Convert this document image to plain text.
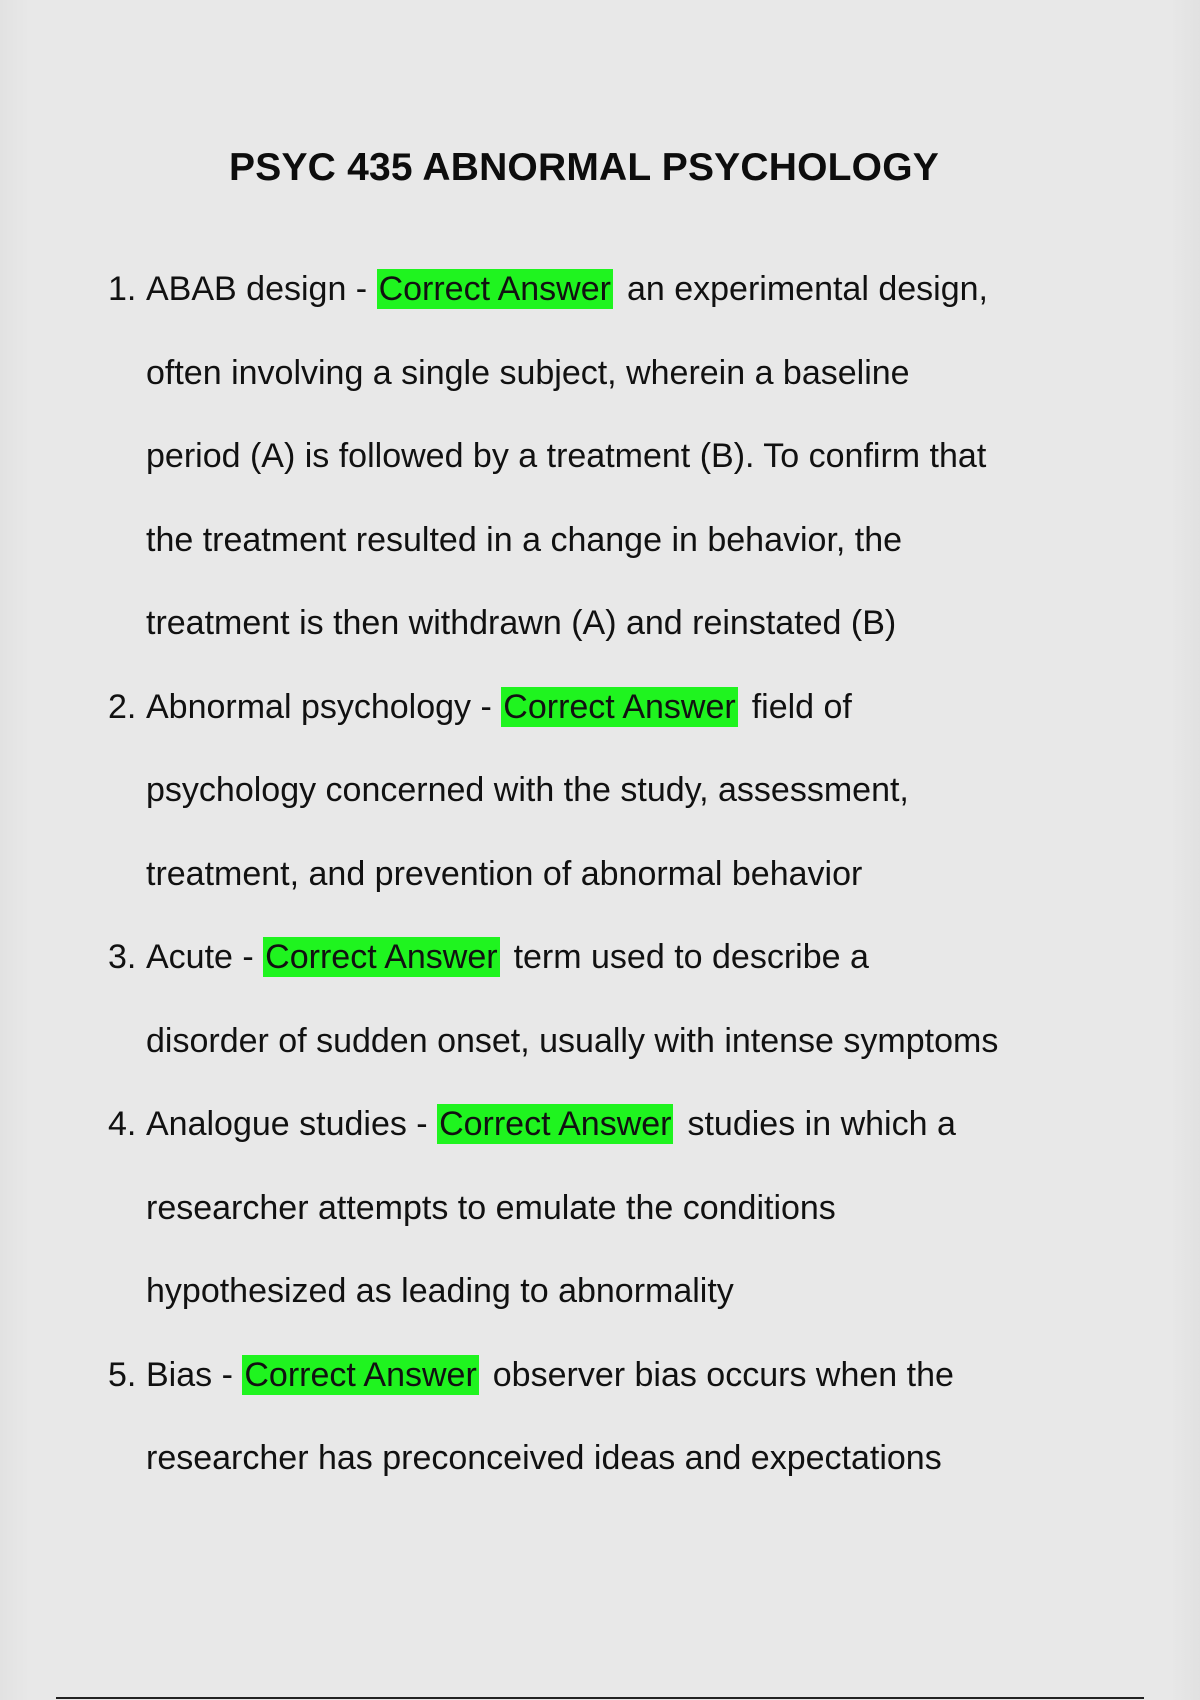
PSYC 435 ABNORMAL PSYCHOLOGY
1. ABAB design - Correct Answer an experimental design,
often involving a single subject, wherein a baseline
period (A) is followed by a treatment (B). To confirm that
the treatment resulted in a change in behavior, the
treatment is then withdrawn (A) and reinstated (B)
2. Abnormal psychology - Correct Answer field of
psychology concerned with the study, assessment,
treatment, and prevention of abnormal behavior
3. Acute - Correct Answer term used to describe a
disorder of sudden onset, usually with intense symptoms
4. Analogue studies - Correct Answer studies in which a
researcher attempts to emulate the conditions
hypothesized as leading to abnormality
5. Bias - Correct Answer observer bias occurs when the
researcher has preconceived ideas and expectations
